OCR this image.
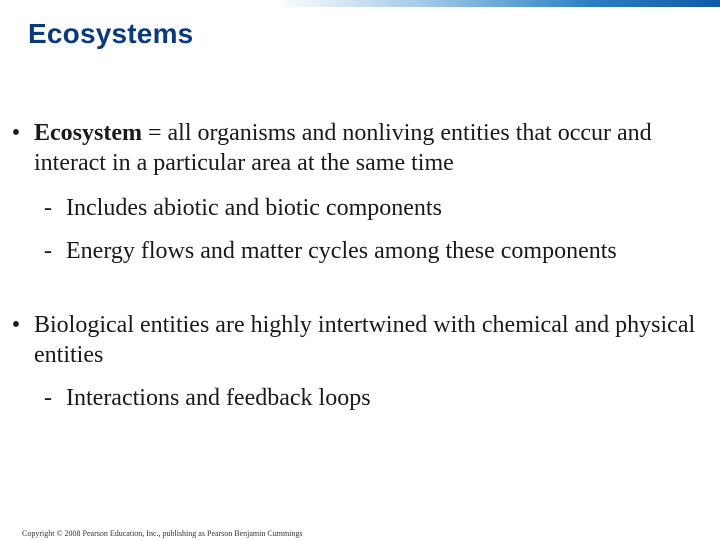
Ecosystems
• Ecosystem = all organisms and nonliving entities that occur and interact in a particular area at the same time
- Includes abiotic and biotic components
- Energy flows and matter cycles among these components
• Biological entities are highly intertwined with chemical and physical entities
- Interactions and feedback loops
Copyright © 2008 Pearson Education, Inc., publishing as Pearson Benjamin Cummings
